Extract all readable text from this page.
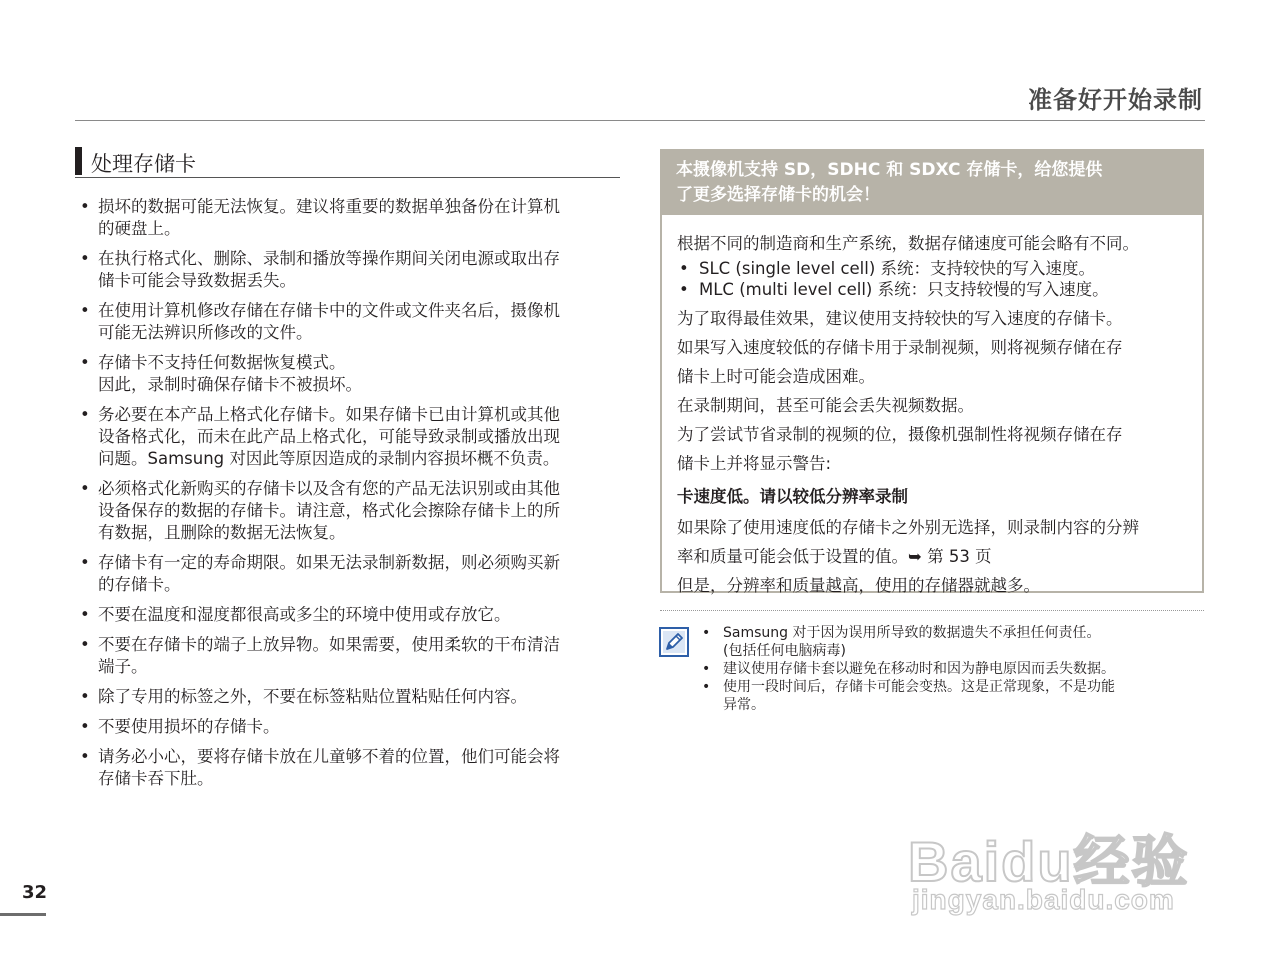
准备好开始录制
处理存储卡
• 损坏的数据可能无法恢复。建议将重要的数据单独备份在计算机
的硬盘上。
• 在执行格式化、删除、录制和播放等操作期间关闭电源或取出存
储卡可能会导致数据丢失。
• 在使用计算机修改存储在存储卡中的文件或文件夹名后，摄像机
可能无法辨识所修改的文件。
• 存储卡不支持任何数据恢复模式。
因此，录制时确保存储卡不被损坏。
• 务必要在本产品上格式化存储卡。如果存储卡已由计算机或其他
设备格式化，而未在此产品上格式化，可能导致录制或播放出现
问题。Samsung 对因此等原因造成的录制内容损坏概不负责。
• 必须格式化新购买的存储卡以及含有您的产品无法识别或由其他
设备保存的数据的存储卡。请注意，格式化会擦除存储卡上的所
有数据，且删除的数据无法恢复。
• 存储卡有一定的寿命期限。如果无法录制新数据，则必须购买新
的存储卡。
• 不要在温度和湿度都很高或多尘的环境中使用或存放它。
• 不要在存储卡的端子上放异物。如果需要，使用柔软的干布清洁
端子。
• 除了专用的标签之外，不要在标签粘贴位置粘贴任何内容。
• 不要使用损坏的存储卡。
• 请务必小心，要将存储卡放在儿童够不着的位置，他们可能会将
存储卡吞下肚。
本摄像机支持 SD，SDHC 和 SDXC 存储卡，给您提供
了更多选择存储卡的机会！

根据不同的制造商和生产系统，数据存储速度可能会略有不同。

• SLC (single level cell) 系统：支持较快的写入速度。
• MLC (multi level cell) 系统：只支持较慢的写入速度。

为了取得最佳效果，建议使用支持较快的写入速度的存储卡。

如果写入速度较低的存储卡用于录制视频，则将视频存储在存

储卡上时可能会造成困难。

在录制期间，甚至可能会丢失视频数据。

为了尝试节省录制的视频的位，摄像机强制性将视频存储在存

储卡上并将显示警告:

卡速度低。请以较低分辨率录制

如果除了使用速度低的存储卡之外别无选择，则录制内容的分辨

率和质量可能会低于设置的值。➥ 第 53 页

但是，分辨率和质量越高，使用的存储器就越多。

• Samsung 对于因为误用所导致的数据遗失不承担任何责任。
(包括任何电脑病毒)
• 建议使用存储卡套以避免在移动时和因为静电原因而丢失数据。
• 使用一段时间后，存储卡可能会变热。这是正常现象，不是功能
异常。
32	Baidu经验
jingyan.baidu.com
